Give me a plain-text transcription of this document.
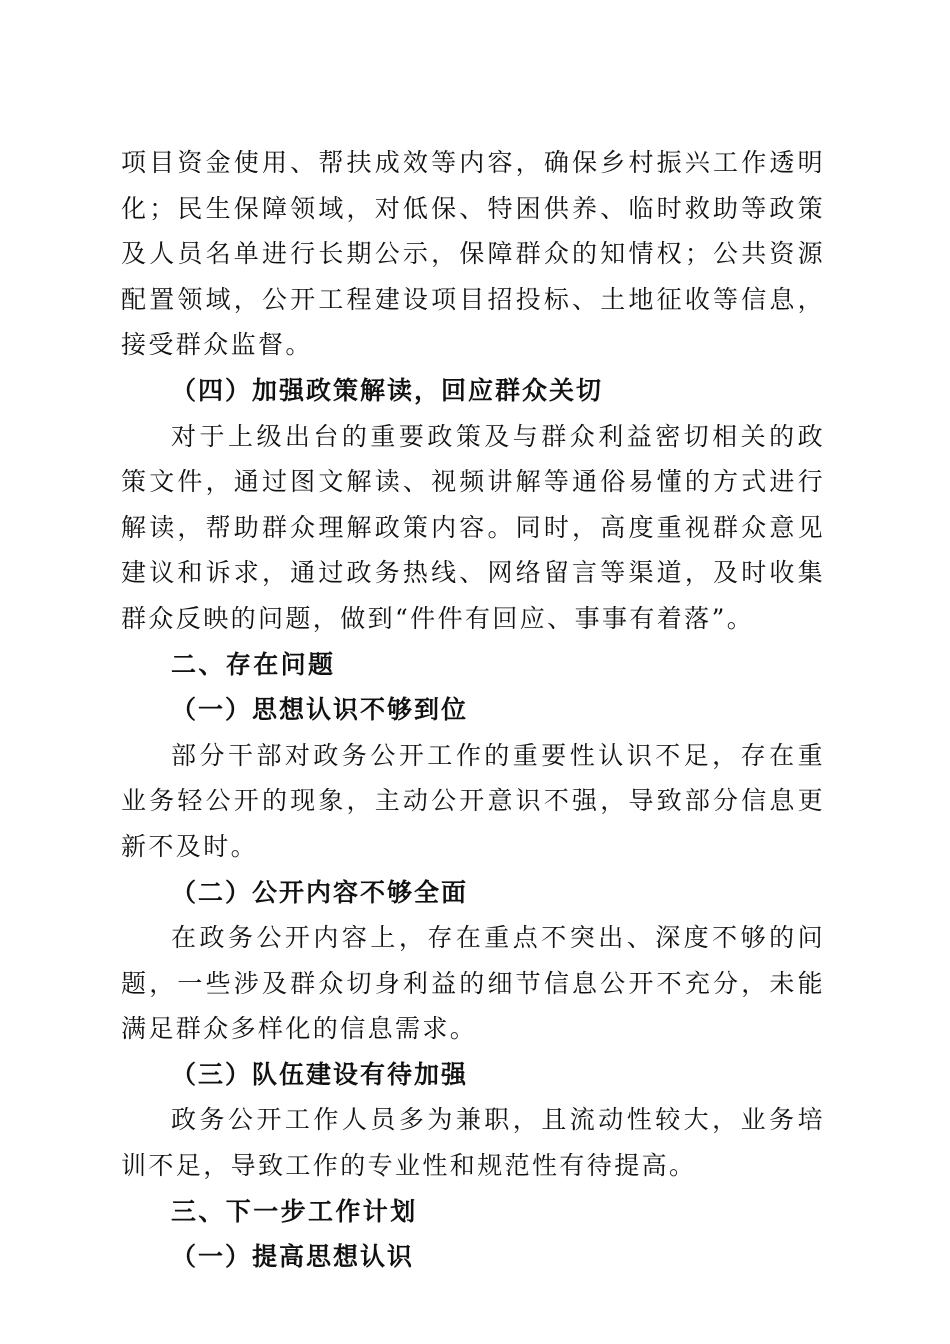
项目资金使用、帮扶成效等内容，确保乡村振兴工作透明化；民生保障领域，对低保、特困供养、临时救助等政策及人员名单进行长期公示，保障群众的知情权；公共资源配置领域，公开工程建设项目招投标、土地征收等信息，接受群众监督。

（四）加强政策解读，回应群众关切

对于上级出台的重要政策及与群众利益密切相关的政策文件，通过图文解读、视频讲解等通俗易懂的方式进行解读，帮助群众理解政策内容。同时，高度重视群众意见建议和诉求，通过政务热线、网络留言等渠道，及时收集群众反映的问题，做到“件件有回应、事事有着落”。

二、存在问题

（一）思想认识不够到位

部分干部对政务公开工作的重要性认识不足，存在重业务轻公开的现象，主动公开意识不强，导致部分信息更新不及时。

（二）公开内容不够全面

在政务公开内容上，存在重点不突出、深度不够的问题，一些涉及群众切身利益的细节信息公开不充分，未能满足群众多样化的信息需求。

（三）队伍建设有待加强

政务公开工作人员多为兼职，且流动性较大，业务培训不足，导致工作的专业性和规范性有待提高。

三、下一步工作计划

（一）提高思想认识
